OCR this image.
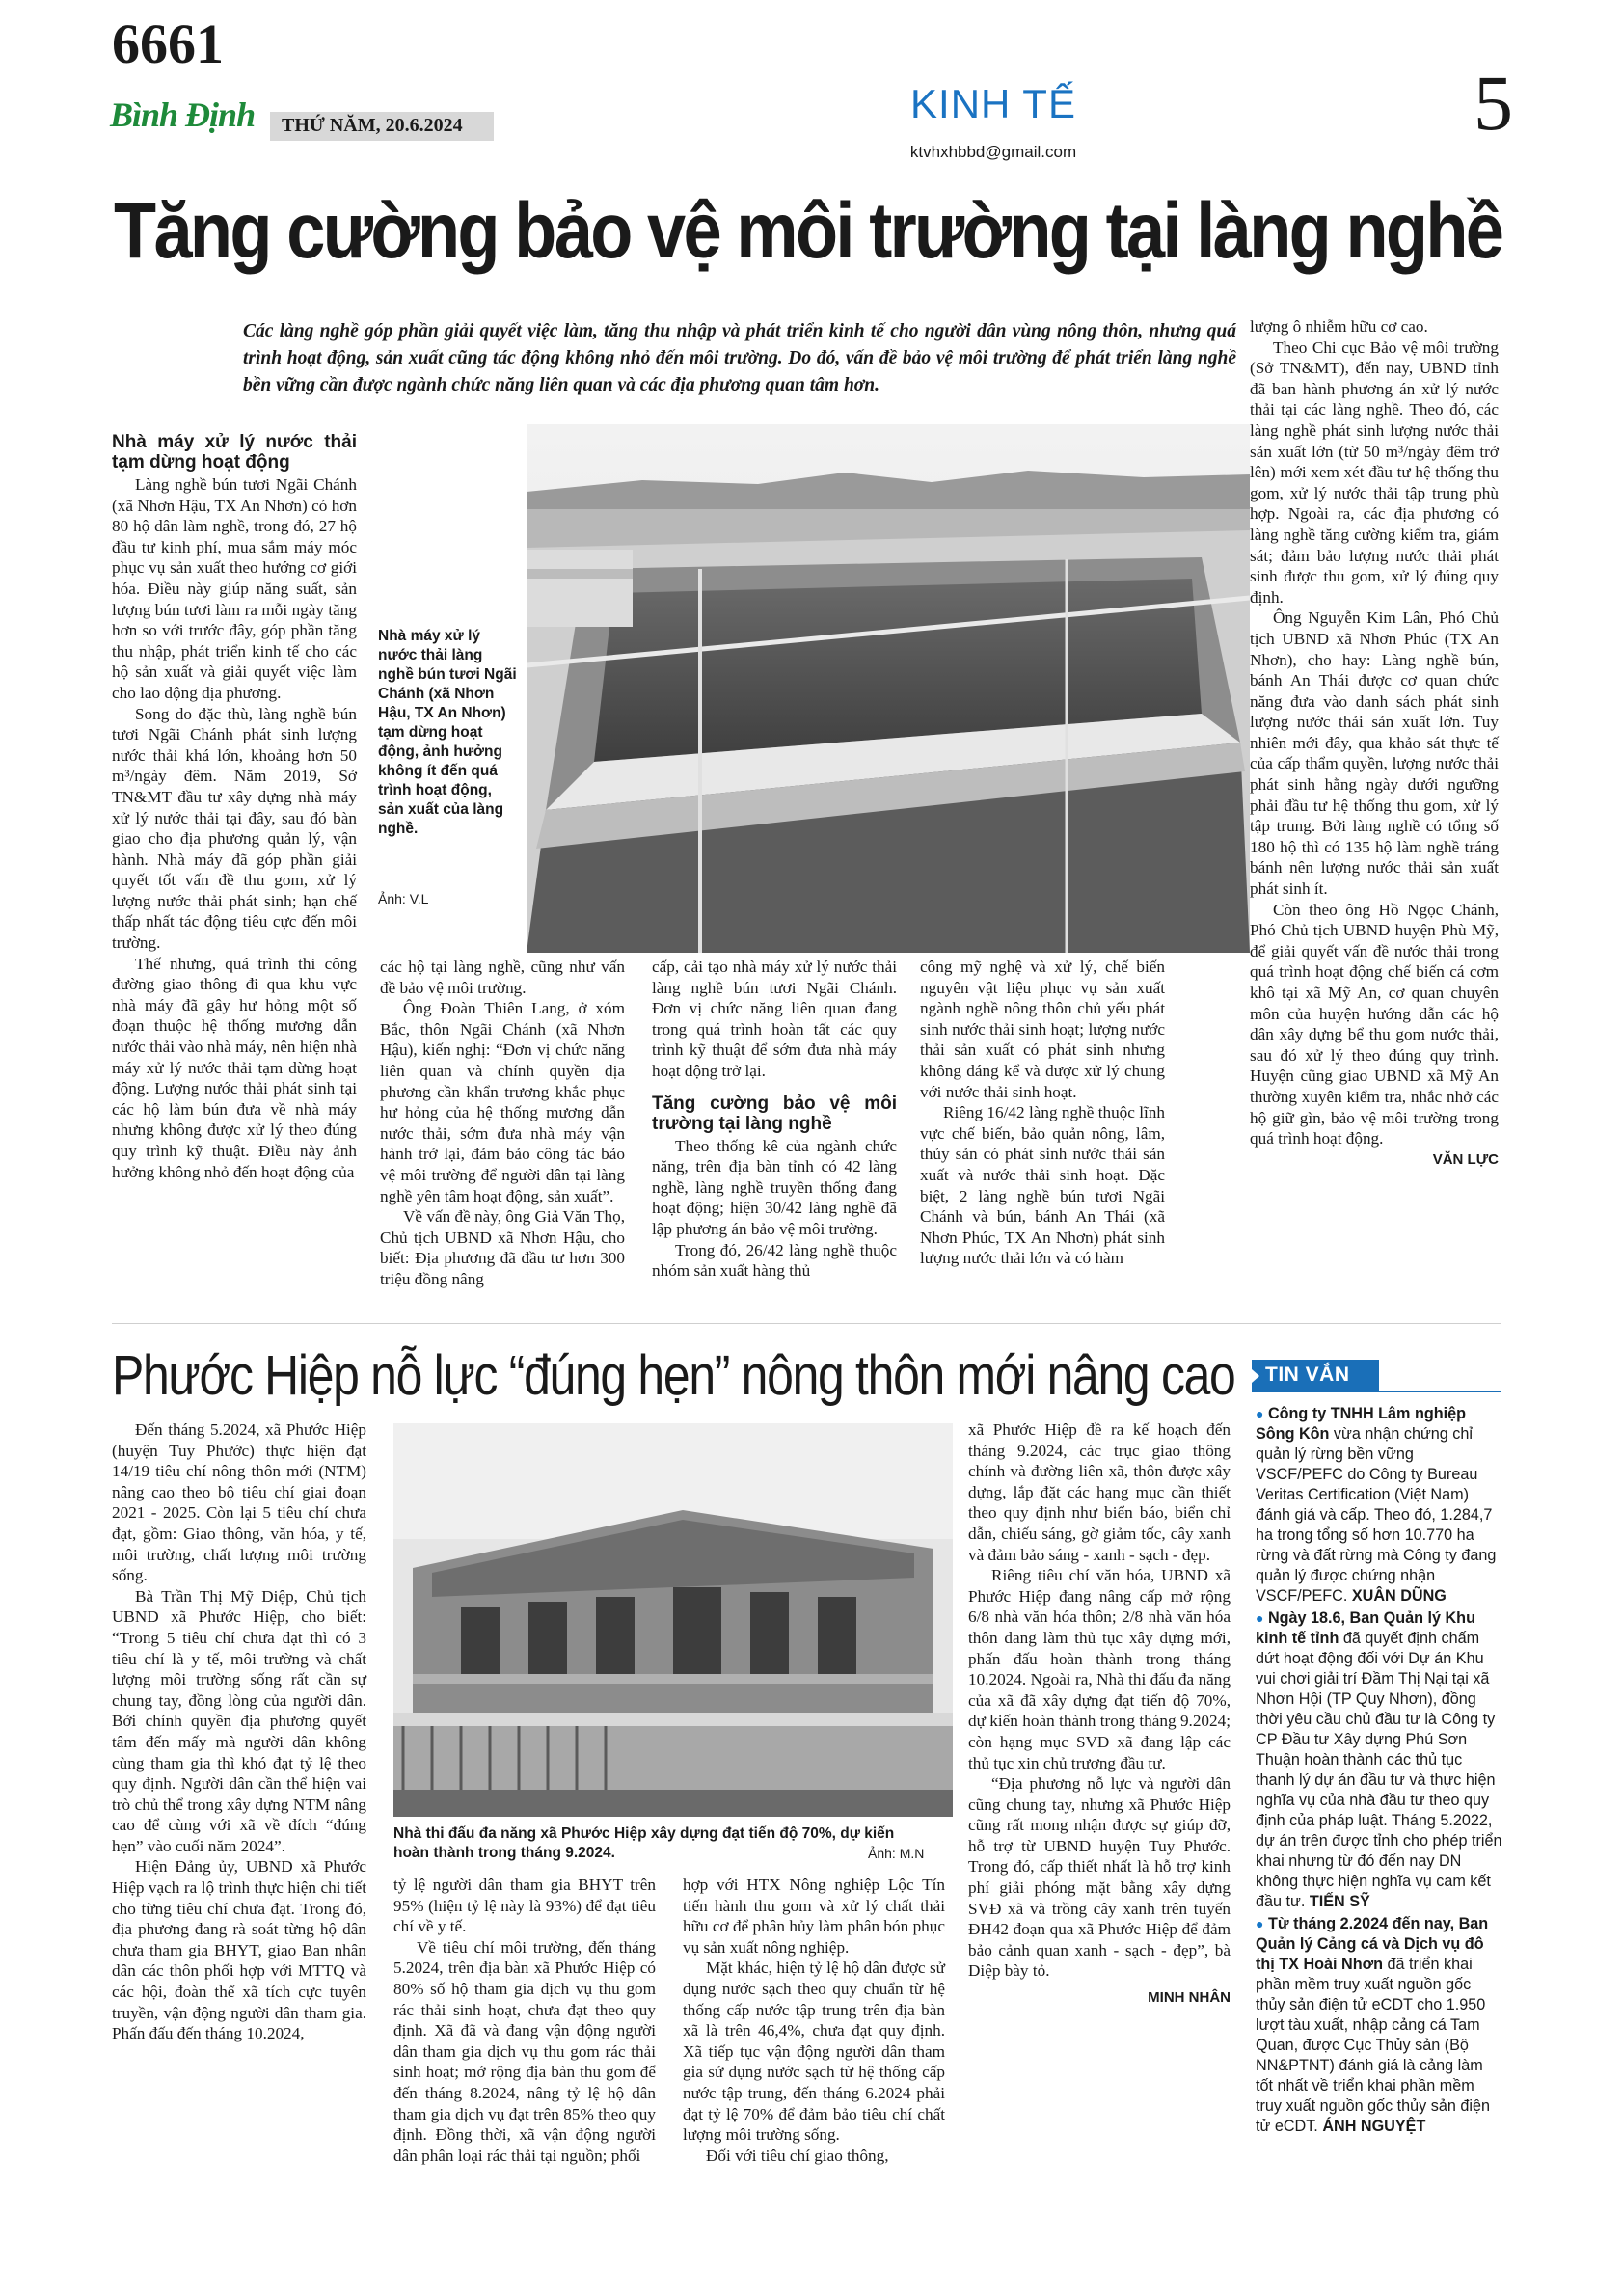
6661
Bình Định THỨ NĂM, 20.6.2024	KINH TẾ
ktvhxhbbd@gmail.com
5
Tăng cường bảo vệ môi trường tại làng nghề
Các làng nghề góp phần giải quyết việc làm, tăng thu nhập và phát triển kinh tế cho người dân vùng nông thôn, nhưng quá trình hoạt động, sản xuất cũng tác động không nhỏ đến môi trường. Do đó, vấn đề bảo vệ môi trường để phát triển làng nghề bền vững cần được ngành chức năng liên quan và các địa phương quan tâm hơn.
Nhà máy xử lý nước thải tạm dừng hoạt động

Làng nghề bún tươi Ngãi Chánh (xã Nhơn Hậu, TX An Nhơn) có hơn 80 hộ dân làm nghề, trong đó, 27 hộ đầu tư kinh phí, mua sắm máy móc phục vụ sản xuất theo hướng cơ giới hóa. Điều này giúp năng suất, sản lượng bún tươi làm ra mỗi ngày tăng hơn so với trước đây, góp phần tăng thu nhập, phát triển kinh tế cho các hộ sản xuất và giải quyết việc làm cho lao động địa phương.

Song do đặc thù, làng nghề bún tươi Ngãi Chánh phát sinh lượng nước thải khá lớn, khoảng hơn 50 m³/ngày đêm. Năm 2019, Sở TN&MT đầu tư xây dựng nhà máy xử lý nước thải tại đây, sau đó bàn giao cho địa phương quản lý, vận hành. Nhà máy đã góp phần giải quyết tốt vấn đề thu gom, xử lý lượng nước thải phát sinh; hạn chế thấp nhất tác động tiêu cực đến môi trường.

Thế nhưng, quá trình thi công đường giao thông đi qua khu vực nhà máy đã gây hư hỏng một số đoạn thuộc hệ thống mương dẫn nước thải vào nhà máy, nên hiện nhà máy xử lý nước thải tạm dừng hoạt động. Lượng nước thải phát sinh tại các hộ làm bún đưa về nhà máy nhưng không được xử lý theo đúng quy trình kỹ thuật. Điều này ảnh hưởng không nhỏ đến hoạt động của

Nhà máy xử lý nước thải làng nghề bún tươi Ngãi Chánh (xã Nhơn Hậu, TX An Nhơn) tạm dừng hoạt động, ảnh hưởng không ít đến quá trình hoạt động, sản xuất của làng nghề.
Ảnh: V.L

các hộ tại làng nghề, cũng như vấn đề bảo vệ môi trường.

Ông Đoàn Thiên Lang, ở xóm Bắc, thôn Ngãi Chánh (xã Nhơn Hậu), kiến nghị: “Đơn vị chức năng liên quan và chính quyền địa phương cần khẩn trương khắc phục hư hỏng của hệ thống mương dẫn nước thải, sớm đưa nhà máy vận hành trở lại, đảm bảo công tác bảo vệ môi trường để người dân tại làng nghề yên tâm hoạt động, sản xuất”.

Về vấn đề này, ông Giả Văn Thọ, Chủ tịch UBND xã Nhơn Hậu, cho biết: Địa phương đã đầu tư hơn 300 triệu đồng nâng

cấp, cải tạo nhà máy xử lý nước thải làng nghề bún tươi Ngãi Chánh. Đơn vị chức năng liên quan đang trong quá trình hoàn tất các quy trình kỹ thuật để sớm đưa nhà máy hoạt động trở lại.

Tăng cường bảo vệ môi trường tại làng nghề

Theo thống kê của ngành chức năng, trên địa bàn tỉnh có 42 làng nghề, làng nghề truyền thống đang hoạt động; hiện 30/42 làng nghề đã lập phương án bảo vệ môi trường.

Trong đó, 26/42 làng nghề thuộc nhóm sản xuất hàng thủ

công mỹ nghệ và xử lý, chế biến nguyên vật liệu phục vụ sản xuất ngành nghề nông thôn chủ yếu phát sinh nước thải sinh hoạt; lượng nước thải sản xuất có phát sinh nhưng không đáng kể và được xử lý chung với nước thải sinh hoạt.

Riêng 16/42 làng nghề thuộc lĩnh vực chế biến, bảo quản nông, lâm, thủy sản có phát sinh nước thải sản xuất và nước thải sinh hoạt. Đặc biệt, 2 làng nghề bún tươi Ngãi Chánh và bún, bánh An Thái (xã Nhơn Phúc, TX An Nhơn) phát sinh lượng nước thải lớn và có hàm

lượng ô nhiễm hữu cơ cao.

Theo Chi cục Bảo vệ môi trường (Sở TN&MT), đến nay, UBND tỉnh đã ban hành phương án xử lý nước thải tại các làng nghề. Theo đó, các làng nghề phát sinh lượng nước thải sản xuất lớn (từ 50 m³/ngày đêm trở lên) mới xem xét đầu tư hệ thống thu gom, xử lý nước thải tập trung phù hợp. Ngoài ra, các địa phương có làng nghề tăng cường kiểm tra, giám sát; đảm bảo lượng nước thải phát sinh được thu gom, xử lý đúng quy định.

Ông Nguyễn Kim Lân, Phó Chủ tịch UBND xã Nhơn Phúc (TX An Nhơn), cho hay: Làng nghề bún, bánh An Thái được cơ quan chức năng đưa vào danh sách phát sinh lượng nước thải sản xuất lớn. Tuy nhiên mới đây, qua khảo sát thực tế của cấp thẩm quyền, lượng nước thải phát sinh hằng ngày dưới ngưỡng phải đầu tư hệ thống thu gom, xử lý tập trung. Bởi làng nghề có tổng số 180 hộ thì có 135 hộ làm nghề tráng bánh nên lượng nước thải sản xuất phát sinh ít.

Còn theo ông Hồ Ngọc Chánh, Phó Chủ tịch UBND huyện Phù Mỹ, để giải quyết vấn đề nước thải trong quá trình hoạt động chế biến cá cơm khô tại xã Mỹ An, cơ quan chuyên môn của huyện hướng dẫn các hộ dân xây dựng bể thu gom nước thải, sau đó xử lý theo đúng quy trình. Huyện cũng giao UBND xã Mỹ An thường xuyên kiểm tra, nhắc nhở các hộ giữ gìn, bảo vệ môi trường trong quá trình hoạt động.

VĂN LỰC
Phước Hiệp nỗ lực “đúng hẹn” nông thôn mới nâng cao

Đến tháng 5.2024, xã Phước Hiệp (huyện Tuy Phước) thực hiện đạt 14/19 tiêu chí nông thôn mới (NTM) nâng cao theo bộ tiêu chí giai đoạn 2021 - 2025. Còn lại 5 tiêu chí chưa đạt, gồm: Giao thông, văn hóa, y tế, môi trường, chất lượng môi trường sống.

Bà Trần Thị Mỹ Diệp, Chủ tịch UBND xã Phước Hiệp, cho biết: “Trong 5 tiêu chí chưa đạt thì có 3 tiêu chí là y tế, môi trường và chất lượng môi trường sống rất cần sự chung tay, đồng lòng của người dân. Bởi chính quyền địa phương quyết tâm đến mấy mà người dân không cùng tham gia thì khó đạt tỷ lệ theo quy định. Người dân cần thể hiện vai trò chủ thể trong xây dựng NTM nâng cao để cùng với xã về đích “đúng hẹn” vào cuối năm 2024”.

Hiện Đảng ủy, UBND xã Phước Hiệp vạch ra lộ trình thực hiện chi tiết cho từng tiêu chí chưa đạt. Trong đó, địa phương đang rà soát từng hộ dân chưa tham gia BHYT, giao Ban nhân dân các thôn phối hợp với MTTQ và các hội, đoàn thể xã tích cực tuyên truyền, vận động người dân tham gia. Phấn đấu đến tháng 10.2024,

Nhà thi đấu đa năng xã Phước Hiệp xây dựng đạt tiến độ 70%, dự kiến hoàn thành trong tháng 9.2024.	Ảnh: M.N

tỷ lệ người dân tham gia BHYT trên 95% (hiện tỷ lệ này là 93%) để đạt tiêu chí về y tế.

Về tiêu chí môi trường, đến tháng 5.2024, trên địa bàn xã Phước Hiệp có 80% số hộ tham gia dịch vụ thu gom rác thải sinh hoạt, chưa đạt theo quy định. Xã đã và đang vận động người dân tham gia dịch vụ thu gom rác thải sinh hoạt; mở rộng địa bàn thu gom để đến tháng 8.2024, nâng tỷ lệ hộ dân tham gia dịch vụ đạt trên 85% theo quy định. Đồng thời, xã vận động người dân phân loại rác thải tại nguồn; phối

hợp với HTX Nông nghiệp Lộc Tín tiến hành thu gom và xử lý chất thải hữu cơ để phân hủy làm phân bón phục vụ sản xuất nông nghiệp.

Mặt khác, hiện tỷ lệ hộ dân được sử dụng nước sạch theo quy chuẩn từ hệ thống cấp nước tập trung trên địa bàn xã là trên 46,4%, chưa đạt quy định. Xã tiếp tục vận động người dân tham gia sử dụng nước sạch từ hệ thống cấp nước tập trung, đến tháng 6.2024 phải đạt tỷ lệ 70% để đảm bảo tiêu chí chất lượng môi trường sống.

Đối với tiêu chí giao thông,

xã Phước Hiệp đề ra kế hoạch đến tháng 9.2024, các trục giao thông chính và đường liên xã, thôn được xây dựng, lắp đặt các hạng mục cần thiết theo quy định như biển báo, biển chỉ dẫn, chiếu sáng, gờ giảm tốc, cây xanh và đảm bảo sáng - xanh - sạch - đẹp.

Riêng tiêu chí văn hóa, UBND xã Phước Hiệp đang nâng cấp mở rộng 6/8 nhà văn hóa thôn; 2/8 nhà văn hóa thôn đang làm thủ tục xây dựng mới, phấn đấu hoàn thành trong tháng 10.2024. Ngoài ra, Nhà thi đấu đa năng của xã đã xây dựng đạt tiến độ 70%, dự kiến hoàn thành trong tháng 9.2024; còn hạng mục SVĐ xã đang lập các thủ tục xin chủ trương đầu tư.

“Địa phương nỗ lực và người dân cũng chung tay, nhưng xã Phước Hiệp cũng rất mong nhận được sự giúp đỡ, hỗ trợ từ UBND huyện Tuy Phước. Trong đó, cấp thiết nhất là hỗ trợ kinh phí giải phóng mặt bằng xây dựng SVĐ xã và trồng cây xanh trên tuyến ĐH42 đoạn qua xã Phước Hiệp để đảm bảo cảnh quan xanh - sạch - đẹp”, bà Diệp bày tỏ.

MINH NHÂN
TIN VẮN
● Công ty TNHH Lâm nghiệp Sông Kôn vừa nhận chứng chỉ quản lý rừng bền vững VSCF/PEFC do Công ty Bureau Veritas Certification (Việt Nam) đánh giá và cấp. Theo đó, 1.284,7 ha trong tổng số hơn 10.770 ha rừng và đất rừng mà Công ty đang quản lý được chứng nhận VSCF/PEFC. XUÂN DŨNG
● Ngày 18.6, Ban Quản lý Khu kinh tế tỉnh đã quyết định chấm dứt hoạt động đối với Dự án Khu vui chơi giải trí Đầm Thị Nại tại xã Nhơn Hội (TP Quy Nhơn), đồng thời yêu cầu chủ đầu tư là Công ty CP Đầu tư Xây dựng Phú Sơn Thuận hoàn thành các thủ tục thanh lý dự án đầu tư và thực hiện nghĩa vụ của nhà đầu tư theo quy định của pháp luật. Tháng 5.2022, dự án trên được tỉnh cho phép triển khai nhưng từ đó đến nay DN không thực hiện nghĩa vụ cam kết đầu tư. TIẾN SỸ
● Từ tháng 2.2024 đến nay, Ban Quản lý Cảng cá và Dịch vụ đô thị TX Hoài Nhơn đã triển khai phần mềm truy xuất nguồn gốc thủy sản điện tử eCDT cho 1.950 lượt tàu xuất, nhập cảng cá Tam Quan, được Cục Thủy sản (Bộ NN&PTNT) đánh giá là cảng làm tốt nhất về triển khai phần mềm truy xuất nguồn gốc thủy sản điện tử eCDT. ÁNH NGUYỆT
